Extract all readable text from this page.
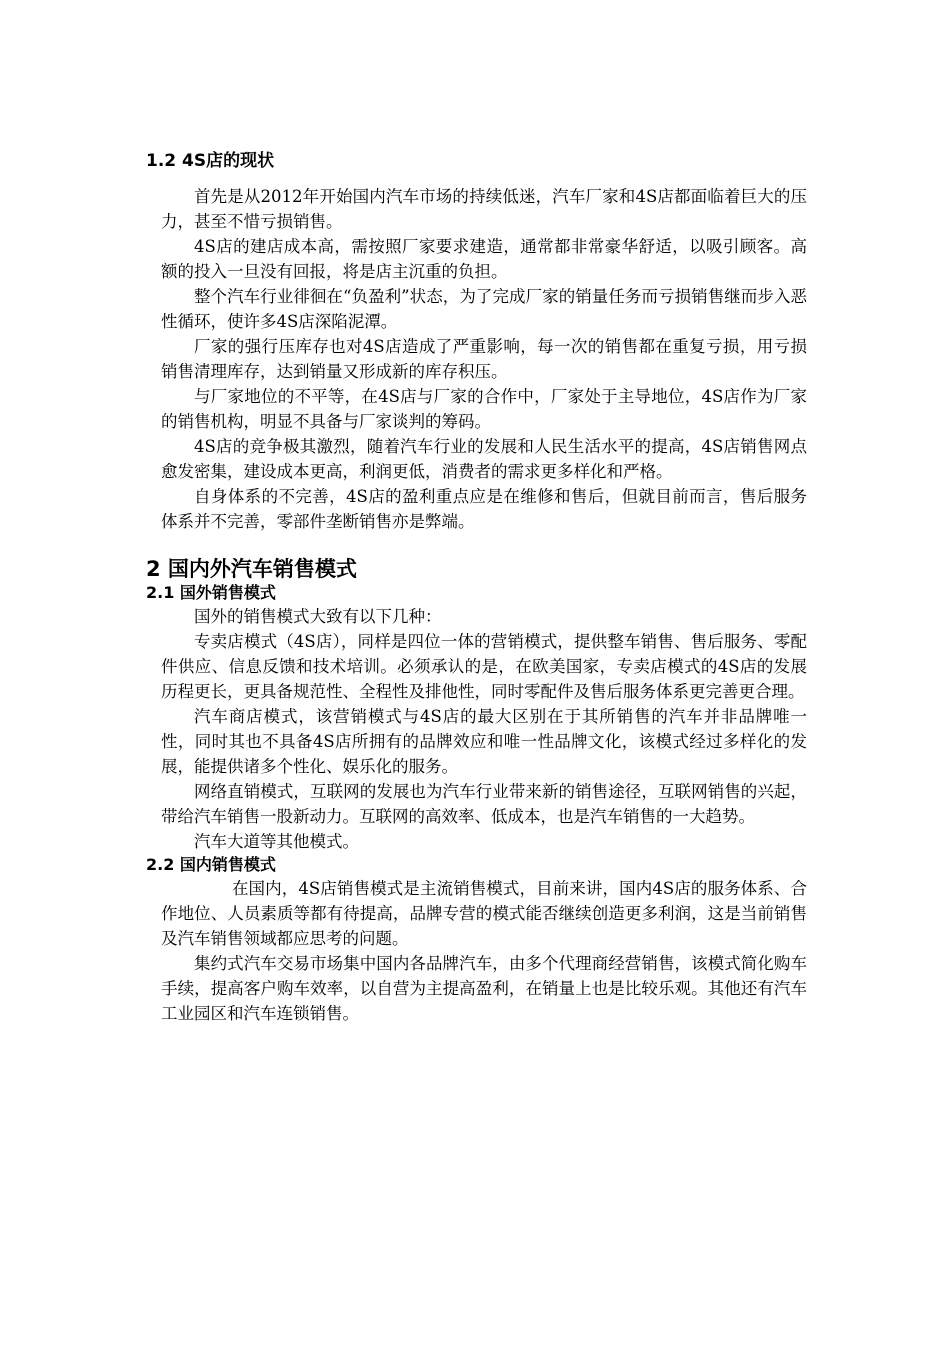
1.2 4S店的现状

首先是从2012年开始国内汽车市场的持续低迷，汽车厂家和4S店都面临着巨大的压力，甚至不惜亏损销售。

4S店的建店成本高，需按照厂家要求建造，通常都非常豪华舒适，以吸引顾客。高额的投入一旦没有回报，将是店主沉重的负担。

整个汽车行业徘徊在“负盈利”状态，为了完成厂家的销量任务而亏损销售继而步入恶性循环，使许多4S店深陷泥潭。

厂家的强行压库存也对4S店造成了严重影响，每一次的销售都在重复亏损，用亏损销售清理库存，达到销量又形成新的库存积压。

与厂家地位的不平等，在4S店与厂家的合作中，厂家处于主导地位，4S店作为厂家的销售机构，明显不具备与厂家谈判的筹码。

4S店的竞争极其激烈，随着汽车行业的发展和人民生活水平的提高，4S店销售网点愈发密集，建设成本更高，利润更低，消费者的需求更多样化和严格。

自身体系的不完善，4S店的盈利重点应是在维修和售后，但就目前而言，售后服务体系并不完善，零部件垄断销售亦是弊端。

2 国内外汽车销售模式
2.1 国外销售模式

国外的销售模式大致有以下几种：

专卖店模式（4S店），同样是四位一体的营销模式，提供整车销售、售后服务、零配件供应、信息反馈和技术培训。必须承认的是，在欧美国家，专卖店模式的4S店的发展历程更长，更具备规范性、全程性及排他性，同时零配件及售后服务体系更完善更合理。

汽车商店模式，该营销模式与4S店的最大区别在于其所销售的汽车并非品牌唯一性，同时其也不具备4S店所拥有的品牌效应和唯一性品牌文化，该模式经过多样化的发展，能提供诸多个性化、娱乐化的服务。

网络直销模式，互联网的发展也为汽车行业带来新的销售途径，互联网销售的兴起，带给汽车销售一股新动力。互联网的高效率、低成本，也是汽车销售的一大趋势。

汽车大道等其他模式。

2.2 国内销售模式

在国内，4S店销售模式是主流销售模式，目前来讲，国内4S店的服务体系、合作地位、人员素质等都有待提高，品牌专营的模式能否继续创造更多利润，这是当前销售及汽车销售领域都应思考的问题。

集约式汽车交易市场集中国内各品牌汽车，由多个代理商经营销售，该模式简化购车手续，提高客户购车效率，以自营为主提高盈利，在销量上也是比较乐观。其他还有汽车工业园区和汽车连锁销售。
